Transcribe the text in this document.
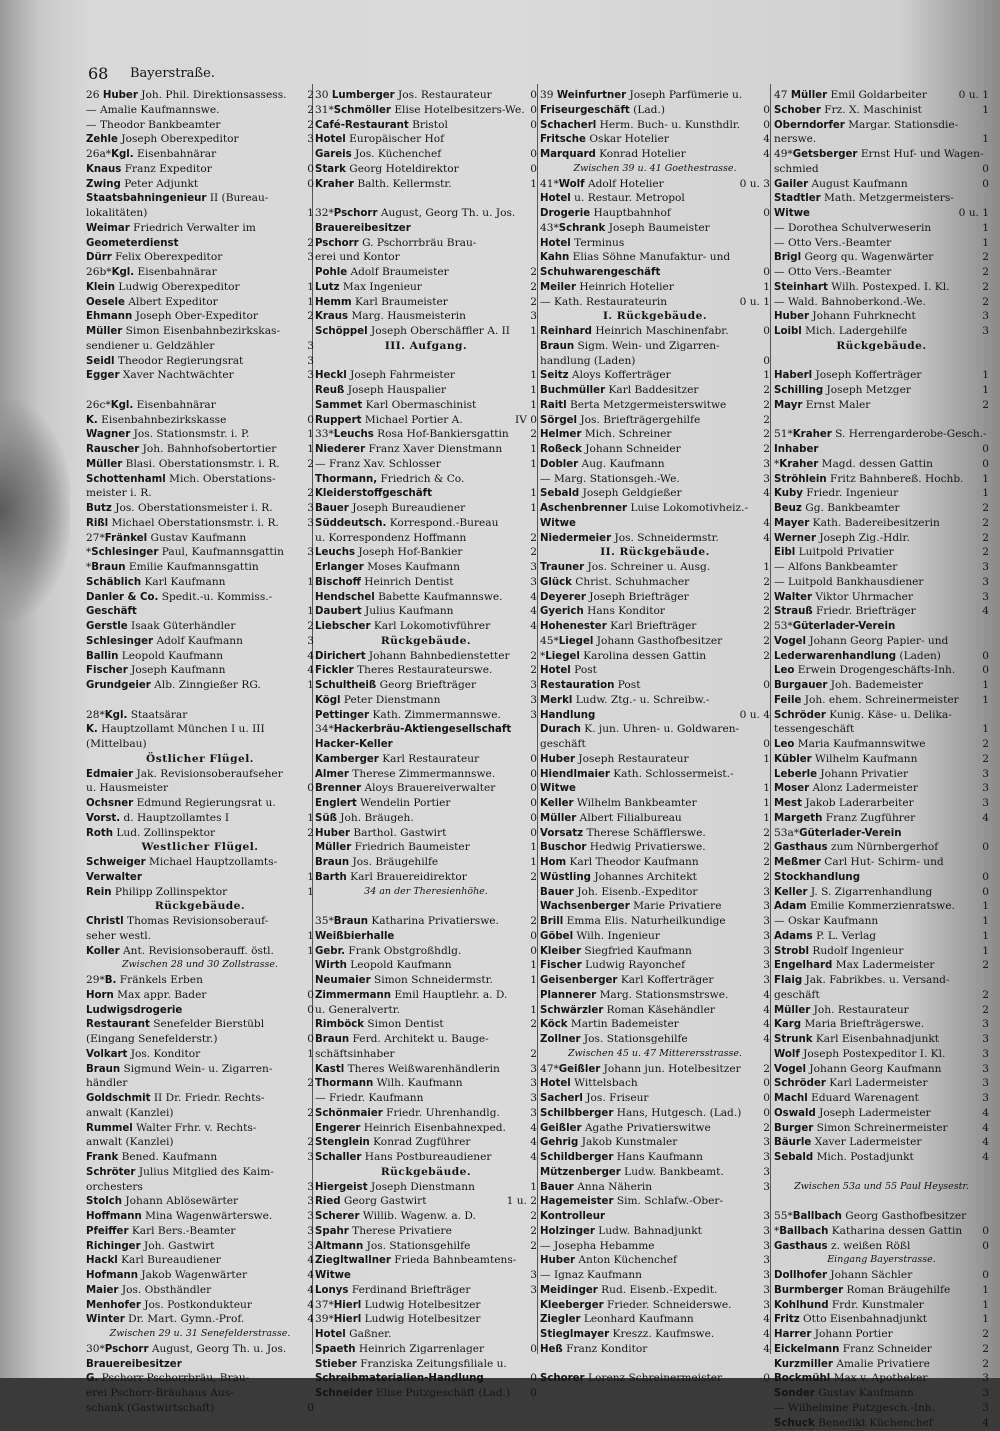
68 Bayerstraße.
26 Huber Joh. Phil. Direktionsassess. 2
— Amalie Kaufmannswe.	2
— Theodor Bankbeamter	2
Zehle Joseph Oberexpeditor	3
26a*Kgl. Eisenbahnärar
Knaus Franz Expeditor	0
Zwing Peter Adjunkt	0
Staatsbahningenieur II (Bureau-
lokalitäten)	1
Weimar Friedrich Verwalter im
Geometerdienst	2
Dürr Felix Oberexpeditor	3
26b*Kgl. Eisenbahnärar
Klein Ludwig Oberexpeditor	1
Oesele Albert Expeditor	1
Ehmann Joseph Ober-Expeditor	2
Müller Simon Eisenbahnbezirkskas-
sendiener u. Geldzähler	3
Seidl Theodor Regierungsrat	3
Egger Xaver Nachtwächter	3
26c*Kgl. Eisenbahnärar
K. Eisenbahnbezirkskasse	0
Wagner Jos. Stationsmstr. i. P.	1
Rauscher Joh. Bahnhofsobertortier	1
Müller Blasi. Oberstationsmstr. i. R.	2
Schottenhaml Mich. Oberstations-
meister i. R.	2
Butz Jos. Oberstationsmeister i. R.	3
Rißl Michael Oberstationsmstr. i. R.	3
27*Fränkel Gustav Kaufmann
*Schlesinger Paul, Kaufmannsgattin 3
*Braun Emilie Kaufmannsgattin
Schäblich Karl Kaufmann	1
Danler & Co. Spedit.-u. Kommiss.-
Geschäft	1
Gerstle Isaak Güterhändler	2
Schlesinger Adolf Kaufmann	3
Ballin Leopold Kaufmann	4
Fischer Joseph Kaufmann	4
Grundgeier Alb. Zinngießer RG.	1
28*Kgl. Staatsärar
K. Hauptzollamt München I u. III
(Mittelbau)
Östlicher Flügel.
Edmaier Jak. Revisionsoberaufseher
u. Hausmeister	0
Ochsner Edmund Regierungsrat u.
Vorst. d. Hauptzollamtes I	1
Roth Lud. Zollinspektor	2
Westlicher Flügel.
Schweiger Michael Hauptzollamts-
Verwalter	1
Rein Philipp Zollinspektor	1
Rückgebäude.
Christl Thomas Revisionsoberauf-
seher westl.	1
Koller Ant. Revisionsoberauff. östl.	1
Zwischen 28 und 30 Zollstrasse.
29*B. Fränkels Erben
Horn Max appr. Bader	0
Ludwigsdrogerie	0
Restaurant Senefelder Bierstübl
(Eingang Senefelderstr.)	0
Volkart Jos. Konditor	1
Braun Sigmund Wein- u. Zigarren-
händler	2
Goldschmit II Dr. Friedr. Rechts-
anwalt (Kanzlei)	2
Rummel Walter Frhr. v. Rechts-
anwalt (Kanzlei)	2
Frank Bened. Kaufmann	3
Schröter Julius Mitglied des Kaim-
orchesters	3
Stolch Johann Ablösewärter	3
Hoffmann Mina Wagenwärterswe.	3
Pfeiffer Karl Bers.-Beamter	3
Richinger Joh. Gastwirt	3
Hackl Karl Bureaudiener	4
Hofmann Jakob Wagenwärter	4
Maier Jos. Obsthändler	4
Menhofer Jos. Postkondukteur	4
Winter Dr. Mart. Gymn.-Prof.	4
Zwischen 29 u. 31 Senefelderstrasse.
30*Pschorr August, Georg Th. u. Jos.
Brauereibesitzer
G. Pschorr Pschorrbräu, Brau-
erei Pschorr-Bräuhaus Aus-
schank (Gastwirtschaft)	0
30 Lumberger Jos. Restaurateur	0
31*Schmöller Elise Hotelbesitzers-We. 0
Café-Restaurant Bristol	0
Hotel Europäischer Hof
Gareis Jos. Küchenchef	0
Stark Georg Hoteldirektor	0
Kraher Balth. Kellermstr.	1
32*Pschorr August, Georg Th. u. Jos.
Brauereibesitzer
Pschorr G. Pschorrbräu Brau-
erei und Kontor
Pohle Adolf Braumeister	2
Lutz Max Ingenieur	2
Hemm Karl Braumeister	2
Kraus Marg. Hausmeisterin	3
Schöppel Joseph Oberschäffler A. II 1
III. Aufgang.
Heckl Joseph Fahrmeister	1
Reuß Joseph Hauspalier	1
Sammet Karl Obermaschinist	1
Ruppert Michael Portier A.	IV 0
33*Leuchs Rosa Hof-Bankiersgattin 2
Niederer Franz Xaver Dienstmann	1
— Franz Xav. Schlosser	1
Thormann, Friedrich & Co.
Kleiderstoffgeschäft	1
Bauer Joseph Bureaudiener	1
Süddeutsch. Korrespond.-Bureau
u. Korrespondenz Hoffmann	2
Leuchs Joseph Hof-Bankier	2
Erlanger Moses Kaufmann	3
Bischoff Heinrich Dentist	3
Hendschel Babette Kaufmannswe.	4
Daubert Julius Kaufmann	4
Liebscher Karl Lokomotivführer	4
Rückgebäude.
Dirichert Johann Bahnbedienstetter 2
Fickler Theres Restaurateurswe.	2
Schultheiß Georg Briefträger	3
Kögl Peter Dienstmann	3
Pettinger Kath. Zimmermannswe.	3
34*Hackerbräu-Aktiengesellschaft
Hacker-Keller
Kamberger Karl Restaurateur	0
Almer Therese Zimmermannswe.	0
Brenner Aloys Brauereiverwalter	0
Englert Wendelin Portier	0
Süß Joh. Bräugeh.	0
Huber Barthol. Gastwirt	0
Müller Friedrich Baumeister	1
Braun Jos. Bräugehilfe	1
Barth Karl Brauereidirektor	2
34 an der Theresienhöhe.
35*Braun Katharina Privatierswe.	2
Weißbierhalle	0
Gebr. Frank Obstgroßhdlg.	0
Wirth Leopold Kaufmann	1
Neumaier Simon Schneidermstr.	1
Zimmermann Emil Hauptlehr. a. D.
u. Generalvertr.	1
Rimböck Simon Dentist	2
Braun Ferd. Architekt u. Bauge-
schäftsinhaber	2
Kastl Theres Weißwarenhändlerin	3
Thormann Wilh. Kaufmann	3
— Friedr. Kaufmann	3
Schönmaier Friedr. Uhrenhandlg.	3
Engerer Heinrich Eisenbahnexped. 4
Stenglein Konrad Zugführer	4
Schaller Hans Postbureaudiener	4
Rückgebäude.
Hiergeist Joseph Dienstmann	1
Ried Georg Gastwirt	1 u. 2
Scherer Willib. Wagenw. a. D.	2
Spahr Therese Privatiere	2
Altmann Jos. Stationsgehilfe	2
Ziegltwallner Frieda Bahnbeamtens-
Witwe	3
Lonys Ferdinand Briefträger	3
37*Hierl Ludwig Hotelbesitzer
39*Hierl Ludwig Hotelbesitzer
Hotel Gaßner.
Spaeth Heinrich Zigarrenlager	0
Stieber Franziska Zeitungsfiliale u.
Schreibmaterialien-Handlung	0
Schneider Elise Putzgeschäft (Lad.) 0
39 Weinfurtner Joseph Parfümerie u.
Friseurgeschäft (Lad.)	0
Schacherl Herm. Buch- u. Kunsthdlr. 0
Fritsche Oskar Hotelier	4
Marquard Konrad Hotelier	4
Zwischen 39 u. 41 Goethestrasse.
41*Wolf Adolf Hotelier	0 u. 3
Hotel u. Restaur. Metropol
Drogerie Hauptbahnhof	0
43*Schrank Joseph Baumeister
Hotel Terminus
Kahn Elias Söhne Manufaktur- und
Schuhwarengeschäft	0
Meiler Heinrich Hotelier	1
— Kath. Restaurateurin	0 u. 1
I. Rückgebäude.
Reinhard Heinrich Maschinenfabr.	0
Braun Sigm. Wein- und Zigarren-
handlung (Laden)	0
Seitz Aloys Kofferträger	1
Buchmüller Karl Baddesitzer	2
Raitl Berta Metzgermeisterswitwe	2
Sörgel Jos. Briefträgergehilfe	2
Helmer Mich. Schreiner	2
Roßeck Johann Schneider	2
Dobler Aug. Kaufmann	3
— Marg. Stationsgeh.-We.	3
Sebald Joseph Geldgießer	4
Aschenbrenner Luise Lokomotivheiz.-
Witwe	4
Niedermeier Jos. Schneidermstr.	4
II. Rückgebäude.
Trauner Jos. Schreiner u. Ausg.	1
Glück Christ. Schuhmacher	2
Deyerer Joseph Briefträger	2
Gyerich Hans Konditor	2
Hohenester Karl Briefträger	2
45*Liegel Johann Gasthofbesitzer	2
*Liegel Karolina dessen Gattin	2
Hotel Post
Restauration Post	0
Merkl Ludw. Ztg.- u. Schreibw.-
Handlung	0 u. 4
Durach K. jun. Uhren- u. Goldwaren-
geschäft	0
Huber Joseph Restaurateur	1
Hiendlmaier Kath. Schlossermeist.-
Witwe	1
Keller Wilhelm Bankbeamter	1
Müller Albert Filialbureau	1
Vorsatz Therese Schäfflerswe.	2
Buschor Hedwig Privatierswe.	2
Hom Karl Theodor Kaufmann	2
Wüstling Johannes Architekt	2
Bauer Joh. Eisenb.-Expeditor	3
Wachsenberger Marie Privatiere	3
Brill Emma Elis. Naturheilkundige	3
Göbel Wilh. Ingenieur	3
Kleiber Siegfried Kaufmann	3
Fischer Ludwig Rayonchef	3
Geisenberger Karl Kofferträger	3
Plannerer Marg. Stationsmstrswe.	4
Schwärzler Roman Käsehändler	4
Köck Martin Bademeister	4
Zollner Jos. Stationsgehilfe	4
Zwischen 45 u. 47 Mitterersstrasse.
47*Geißler Johann jun. Hotelbesitzer 2
Hotel Wittelsbach	0
Sacherl Jos. Friseur	0
Schilbberger Hans, Hutgesch. (Lad.) 0
Geißler Agathe Privatierswitwe	2
Gehrig Jakob Kunstmaler	3
Schildberger Hans Kaufmann	3
Mützenberger Ludw. Bankbeamt.	3
Bauer Anna Näherin	3
Hagemeister Sim. Schlafw.-Ober-
Kontrolleur	3
Holzinger Ludw. Bahnadjunkt	3
— Josepha Hebamme	3
Huber Anton Küchenchef	3
— Ignaz Kaufmann	3
Meidinger Rud. Eisenb.-Expedit.	3
Kleeberger Frieder. Schneiderswe.	3
Ziegler Leonhard Kaufmann	4
Stieglmayer Kreszz. Kaufmswe.	4
Heß Franz Konditor	4
Schorer Lorenz Schreinermeister	0
47 Müller Emil Goldarbeiter	0 u. 1
Schober Frz. X. Maschinist	1
Oberndorfer Margar. Stationsdie-
nerswe.	1
49*Getsberger Ernst Huf- und Wagen-
schmied	0
Gailer August Kaufmann	0
Stadtler Math. Metzgermeisters-
Witwe	0 u. 1
— Dorothea Schulverweserin	1
— Otto Vers.-Beamter	1
Brigl Georg qu. Wagenwärter	2
— Otto Vers.-Beamter	2
Steinhart Wilh. Postexped. I. Kl.	2
— Wald. Bahnoberkond.-We.	2
Huber Johann Fuhrknecht	3
Loibl Mich. Ladergehilfe	3
Rückgebäude.
Haberl Joseph Kofferträger	1
Schilling Joseph Metzger	1
Mayr Ernst Maler	2
51*Kraher S. Herrengarderobe-Gesch.-
Inhaber	0
*Kraher Magd. dessen Gattin	0
Ströhlein Fritz Bahnbereß. Hochb. 1
Kuby Friedr. Ingenieur	1
Beuz Gg. Bankbeamter	2
Mayer Kath. Badereibesitzerin	2
Werner Joseph Zig.-Hdlr.	2
Eibl Luitpold Privatier	2
— Alfons Bankbeamter	3
— Luitpold Bankhausdiener	3
Walter Viktor Uhrmacher	3
Strauß Friedr. Briefträger	4
53*Güterlader-Verein
Vogel Johann Georg Papier- und
Lederwarenhandlung (Laden)	0
Leo Erwein Drogengeschäfts-Inh.	0
Burgauer Joh. Bademeister	1
Feile Joh. ehem. Schreinermeister 1
Schröder Kunig. Käse- u. Delika-
tessengeschäft	1
Leo Maria Kaufmannswitwe	2
Kübler Wilhelm Kaufmann	2
Leberle Johann Privatier	3
Moser Alonz Ladermeister	3
Mest Jakob Laderarbeiter	3
Margeth Franz Zugführer	4
53a*Güterlader-Verein
Gasthaus zum Nürnbergerhof	0
Meßmer Carl Hut- Schirm- und
Stockhandlung	0
Keller J. S. Zigarrenhandlung	0
Adam Emilie Kommerzienratswe.	1
— Oskar Kaufmann	1
Adams P. L. Verlag	1
Strobl Rudolf Ingenieur	1
Engelhard Max Ladermeister	2
Flaig Jak. Fabrikbes. u. Versand-
geschäft	2
Müller Joh. Restaurateur	2
Karg Maria Briefträgerswe.	3
Strunk Karl Eisenbahnadjunkt	3
Wolf Joseph Postexpeditor I. Kl.	3
Vogel Johann Georg Kaufmann	3
Schröder Karl Ladermeister	3
Machl Eduard Warenagent	3
Oswald Joseph Ladermeister	4
Burger Simon Schreinermeister	4
Bäurle Xaver Ladermeister	4
Sebald Mich. Postadjunkt	4
Zwischen 53a und 55 Paul Heysestr.
55*Ballbach Georg Gasthofbesitzer
*Ballbach Katharina dessen Gattin 0
Gasthaus z. weißen Rößl	0
Eingang Bayerstrasse.
Dollhofer Johann Sächler	0
Burmberger Roman Bräugehilfe	1
Kohlhund Frdr. Kunstmaler	1
Fritz Otto Eisenbahnadjunkt	1
Harrer Johann Portier	2
Eickelmann Franz Schneider	2
Kurzmiller Amalie Privatiere	2
Bockmühl Max v. Apotheker	3
Sonder Gustav Kaufmann	3
— Wilhelmine Putzgesch.-Inh.	3
Schuck Benedikt Küchenchef	4
